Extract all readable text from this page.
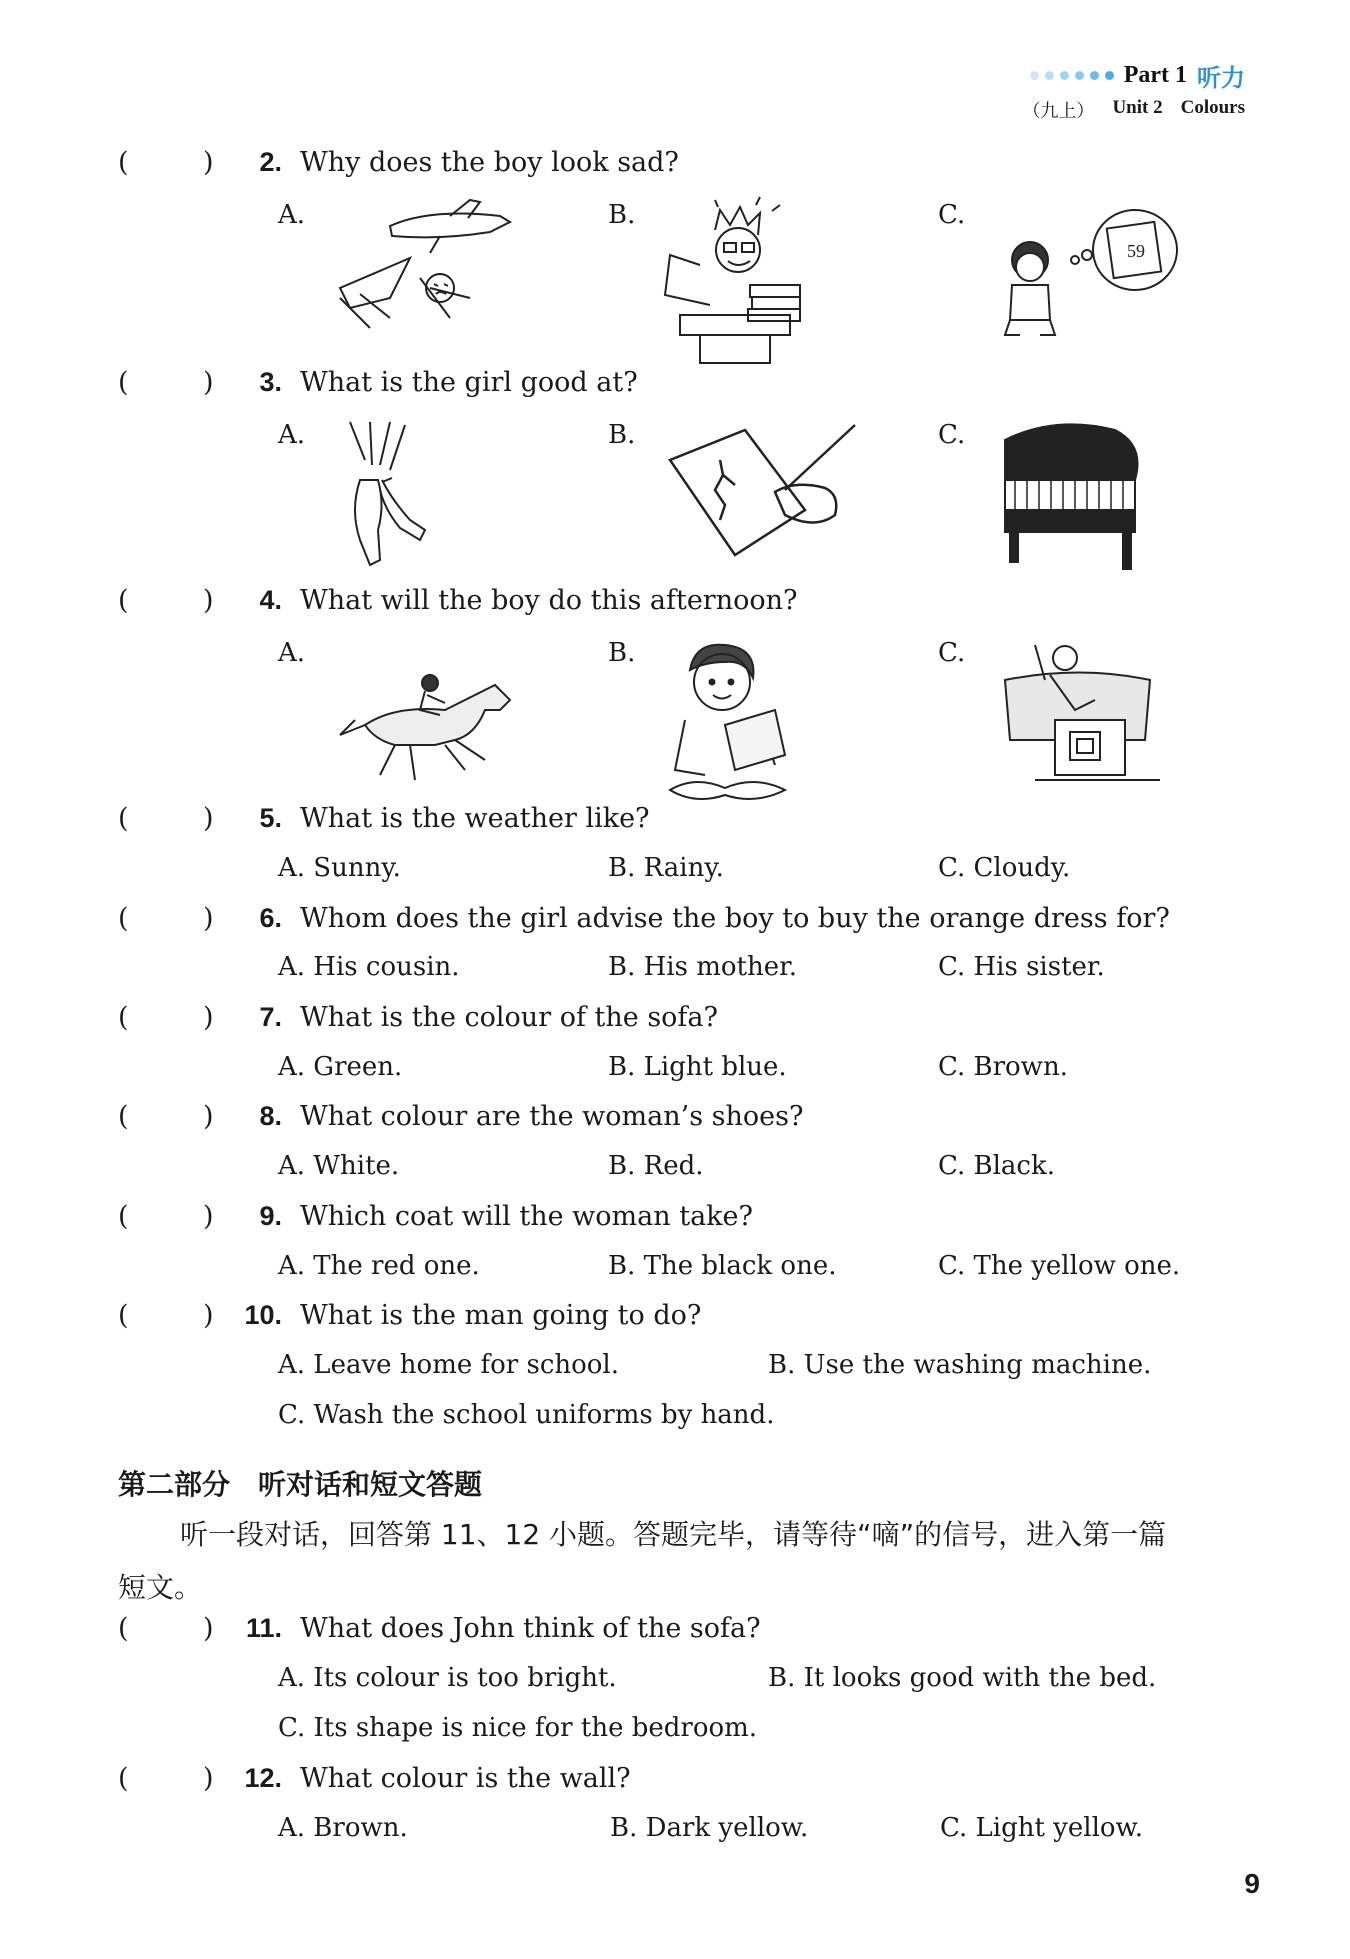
Part 1 听力
（九上） Unit 2 Colours
(	) 2. Why does the boy look sad?
A.	B.	C.
59
(	) 3. What is the girl good at?
A.	B.	C.
(	) 4. What will the boy do this afternoon?
A.	B.	C.
(	) 5. What is the weather like?
A. Sunny.	B. Rainy.	C. Cloudy.
(	) 6. Whom does the girl advise the boy to buy the orange dress for?
A. His cousin.	B. His mother.	C. His sister.
(	) 7. What is the colour of the sofa?
A. Green.	B. Light blue.	C. Brown.
(	) 8. What colour are the woman’s shoes?
A. White.	B. Red.	C. Black.
(	) 9. Which coat will the woman take?
A. The red one.	B. The black one.	C. The yellow one.
(	) 10. What is the man going to do?
A. Leave home for school.	B. Use the washing machine.
C. Wash the school uniforms by hand.
第二部分　听对话和短文答题
听一段对话，回答第 11、12 小题。答题完毕，请等待“嘀”的信号，进入第一篇
短文。
(	) 11. What does John think of the sofa?
A. Its colour is too bright.	B. It looks good with the bed.
C. Its shape is nice for the bedroom.
(	) 12. What colour is the wall?
A. Brown.	B. Dark yellow.	C. Light yellow.
9
